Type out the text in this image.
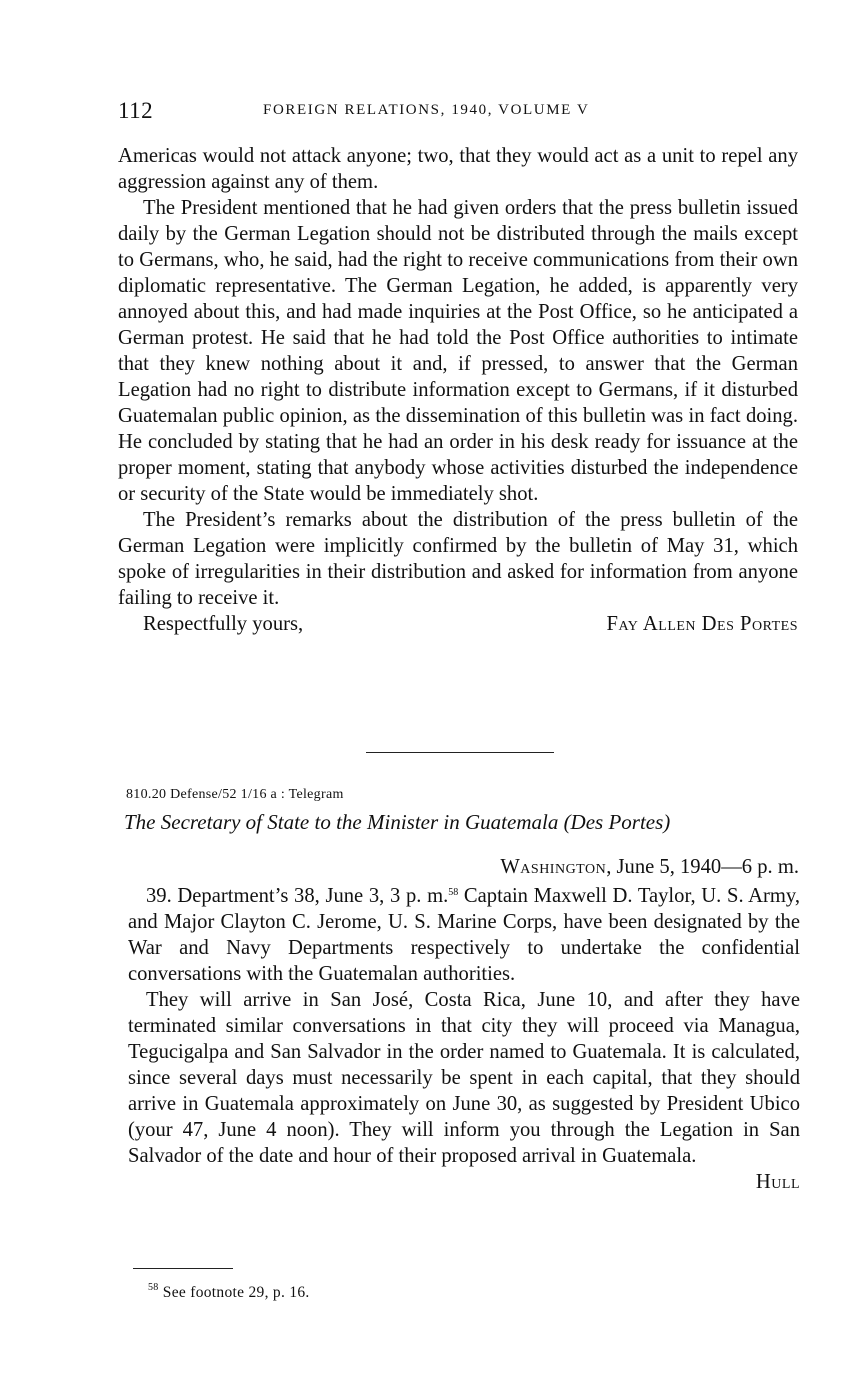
112	FOREIGN RELATIONS, 1940, VOLUME V

Americas would not attack anyone; two, that they would act as a unit to repel any aggression against any of them.

The President mentioned that he had given orders that the press bulletin issued daily by the German Legation should not be distributed through the mails except to Germans, who, he said, had the right to receive communications from their own diplomatic representative. The German Legation, he added, is apparently very annoyed about this, and had made inquiries at the Post Office, so he anticipated a German protest. He said that he had told the Post Office authorities to intimate that they knew nothing about it and, if pressed, to answer that the German Legation had no right to distribute information except to Germans, if it disturbed Guatemalan public opinion, as the dissemination of this bulletin was in fact doing. He concluded by stating that he had an order in his desk ready for issuance at the proper moment, stating that anybody whose activities disturbed the independence or security of the State would be immediately shot.

The President’s remarks about the distribution of the press bulletin of the German Legation were implicitly confirmed by the bulletin of May 31, which spoke of irregularities in their distribution and asked for information from anyone failing to receive it.

Respectfully yours,	Fay Allen Des Portes
810.20 Defense/52 1/16 a : Telegram
The Secretary of State to the Minister in Guatemala (Des Portes)
Washington, June 5, 1940—6 p. m.

39. Department’s 38, June 3, 3 p. m.$^{58}$ Captain Maxwell D. Taylor, U. S. Army, and Major Clayton C. Jerome, U. S. Marine Corps, have been designated by the War and Navy Departments respectively to undertake the confidential conversations with the Guatemalan authorities.

They will arrive in San José, Costa Rica, June 10, and after they have terminated similar conversations in that city they will proceed via Managua, Tegucigalpa and San Salvador in the order named to Guatemala. It is calculated, since several days must necessarily be spent in each capital, that they should arrive in Guatemala approximately on June 30, as suggested by President Ubico (your 47, June 4 noon). They will inform you through the Legation in San Salvador of the date and hour of their proposed arrival in Guatemala.

Hull
$^{58}$ See footnote 29, p. 16.
